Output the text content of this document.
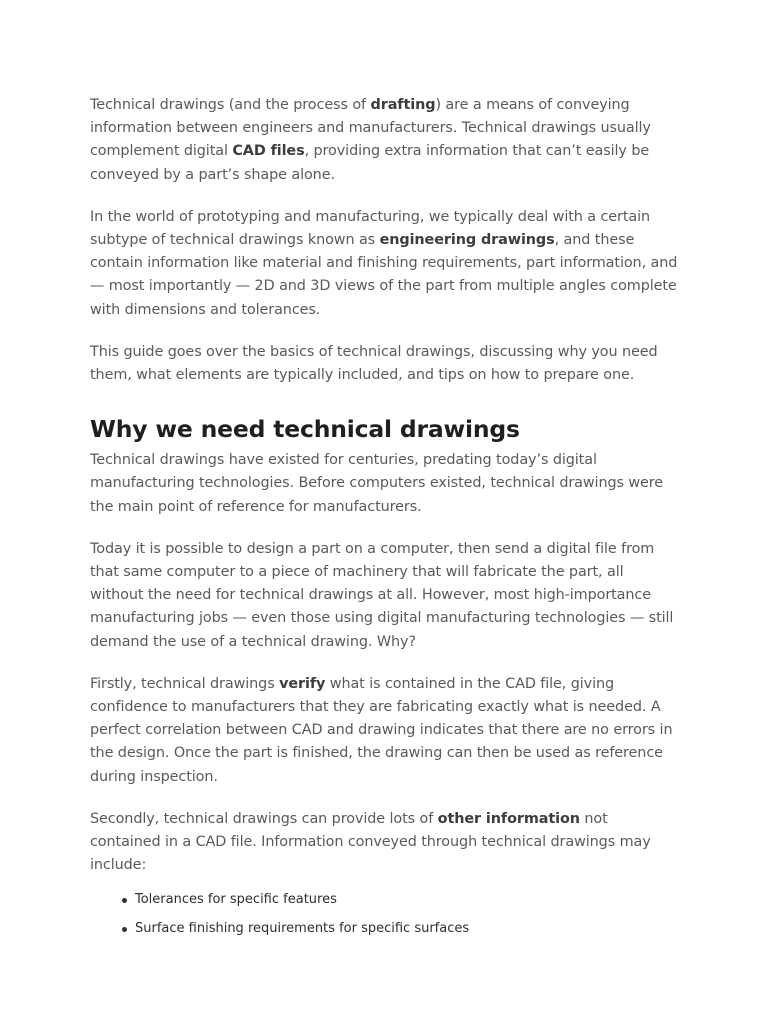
Technical drawings (and the process of drafting) are a means of conveying information between engineers and manufacturers. Technical drawings usually complement digital CAD files, providing extra information that can’t easily be conveyed by a part’s shape alone.

In the world of prototyping and manufacturing, we typically deal with a certain subtype of technical drawings known as engineering drawings, and these contain information like material and finishing requirements, part information, and — most importantly — 2D and 3D views of the part from multiple angles complete with dimensions and tolerances.

This guide goes over the basics of technical drawings, discussing why you need them, what elements are typically included, and tips on how to prepare one.

Why we need technical drawings

Technical drawings have existed for centuries, predating today’s digital manufacturing technologies. Before computers existed, technical drawings were the main point of reference for manufacturers.

Today it is possible to design a part on a computer, then send a digital file from that same computer to a piece of machinery that will fabricate the part, all without the need for technical drawings at all. However, most high-importance manufacturing jobs — even those using digital manufacturing technologies — still demand the use of a technical drawing. Why?

Firstly, technical drawings verify what is contained in the CAD file, giving confidence to manufacturers that they are fabricating exactly what is needed. A perfect correlation between CAD and drawing indicates that there are no errors in the design. Once the part is finished, the drawing can then be used as reference during inspection.

Secondly, technical drawings can provide lots of other information not contained in a CAD file. Information conveyed through technical drawings may include:

Tolerances for specific features
Surface finishing requirements for specific surfaces
